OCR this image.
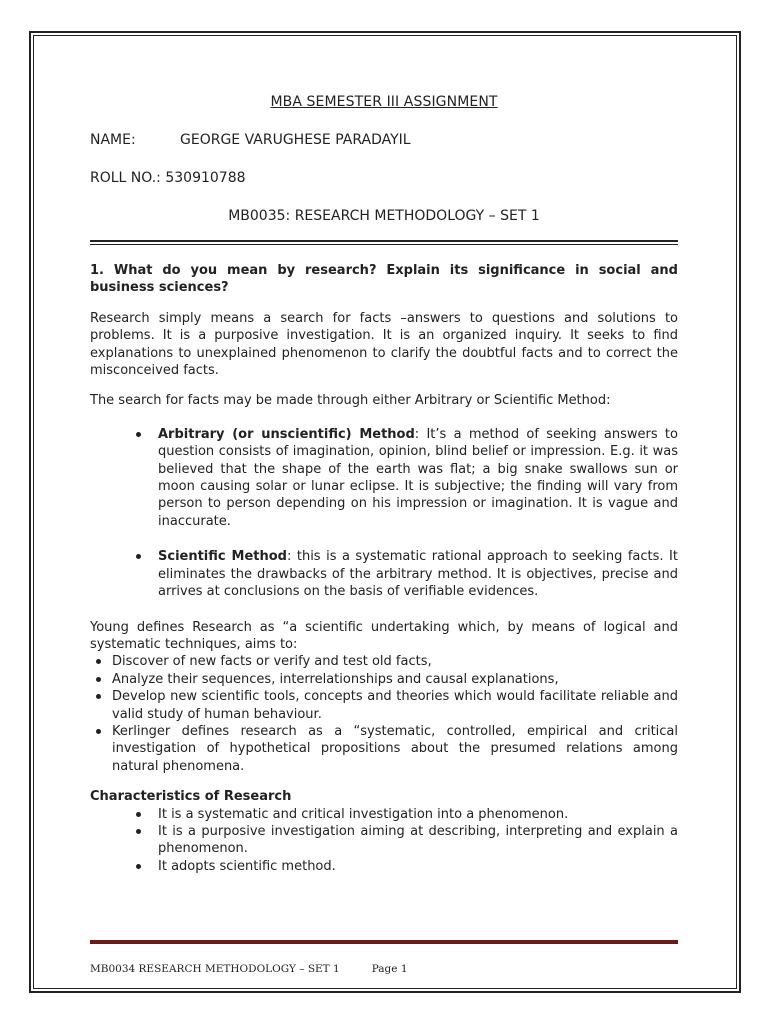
MBA SEMESTER III ASSIGNMENT
NAME:	GEORGE VARUGHESE PARADAYIL
ROLL NO.: 530910788
MB0035: RESEARCH METHODOLOGY – SET 1

1. What do you mean by research? Explain its significance in social and business sciences?

Research simply means a search for facts –answers to questions and solutions to problems. It is a purposive investigation. It is an organized inquiry. It seeks to find explanations to unexplained phenomenon to clarify the doubtful facts and to correct the misconceived facts.

The search for facts may be made through either Arbitrary or Scientific Method:

Arbitrary (or unscientific) Method: It’s a method of seeking answers to question consists of imagination, opinion, blind belief or impression. E.g. it was believed that the shape of the earth was flat; a big snake swallows sun or moon causing solar or lunar eclipse. It is subjective; the finding will vary from person to person depending on his impression or imagination. It is vague and inaccurate.
Scientific Method: this is a systematic rational approach to seeking facts. It eliminates the drawbacks of the arbitrary method. It is objectives, precise and arrives at conclusions on the basis of verifiable evidences.

Young defines Research as “a scientific undertaking which, by means of logical and systematic techniques, aims to:

Discover of new facts or verify and test old facts,
Analyze their sequences, interrelationships and causal explanations,
Develop new scientific tools, concepts and theories which would facilitate reliable and valid study of human behaviour.
Kerlinger defines research as a “systematic, controlled, empirical and critical investigation of hypothetical propositions about the presumed relations among natural phenomena.

Characteristics of Research

It is a systematic and critical investigation into a phenomenon.
It is a purposive investigation aiming at describing, interpreting and explain a phenomenon.
It adopts scientific method.
MB0034 RESEARCH METHODOLOGY – SET 1	Page 1
